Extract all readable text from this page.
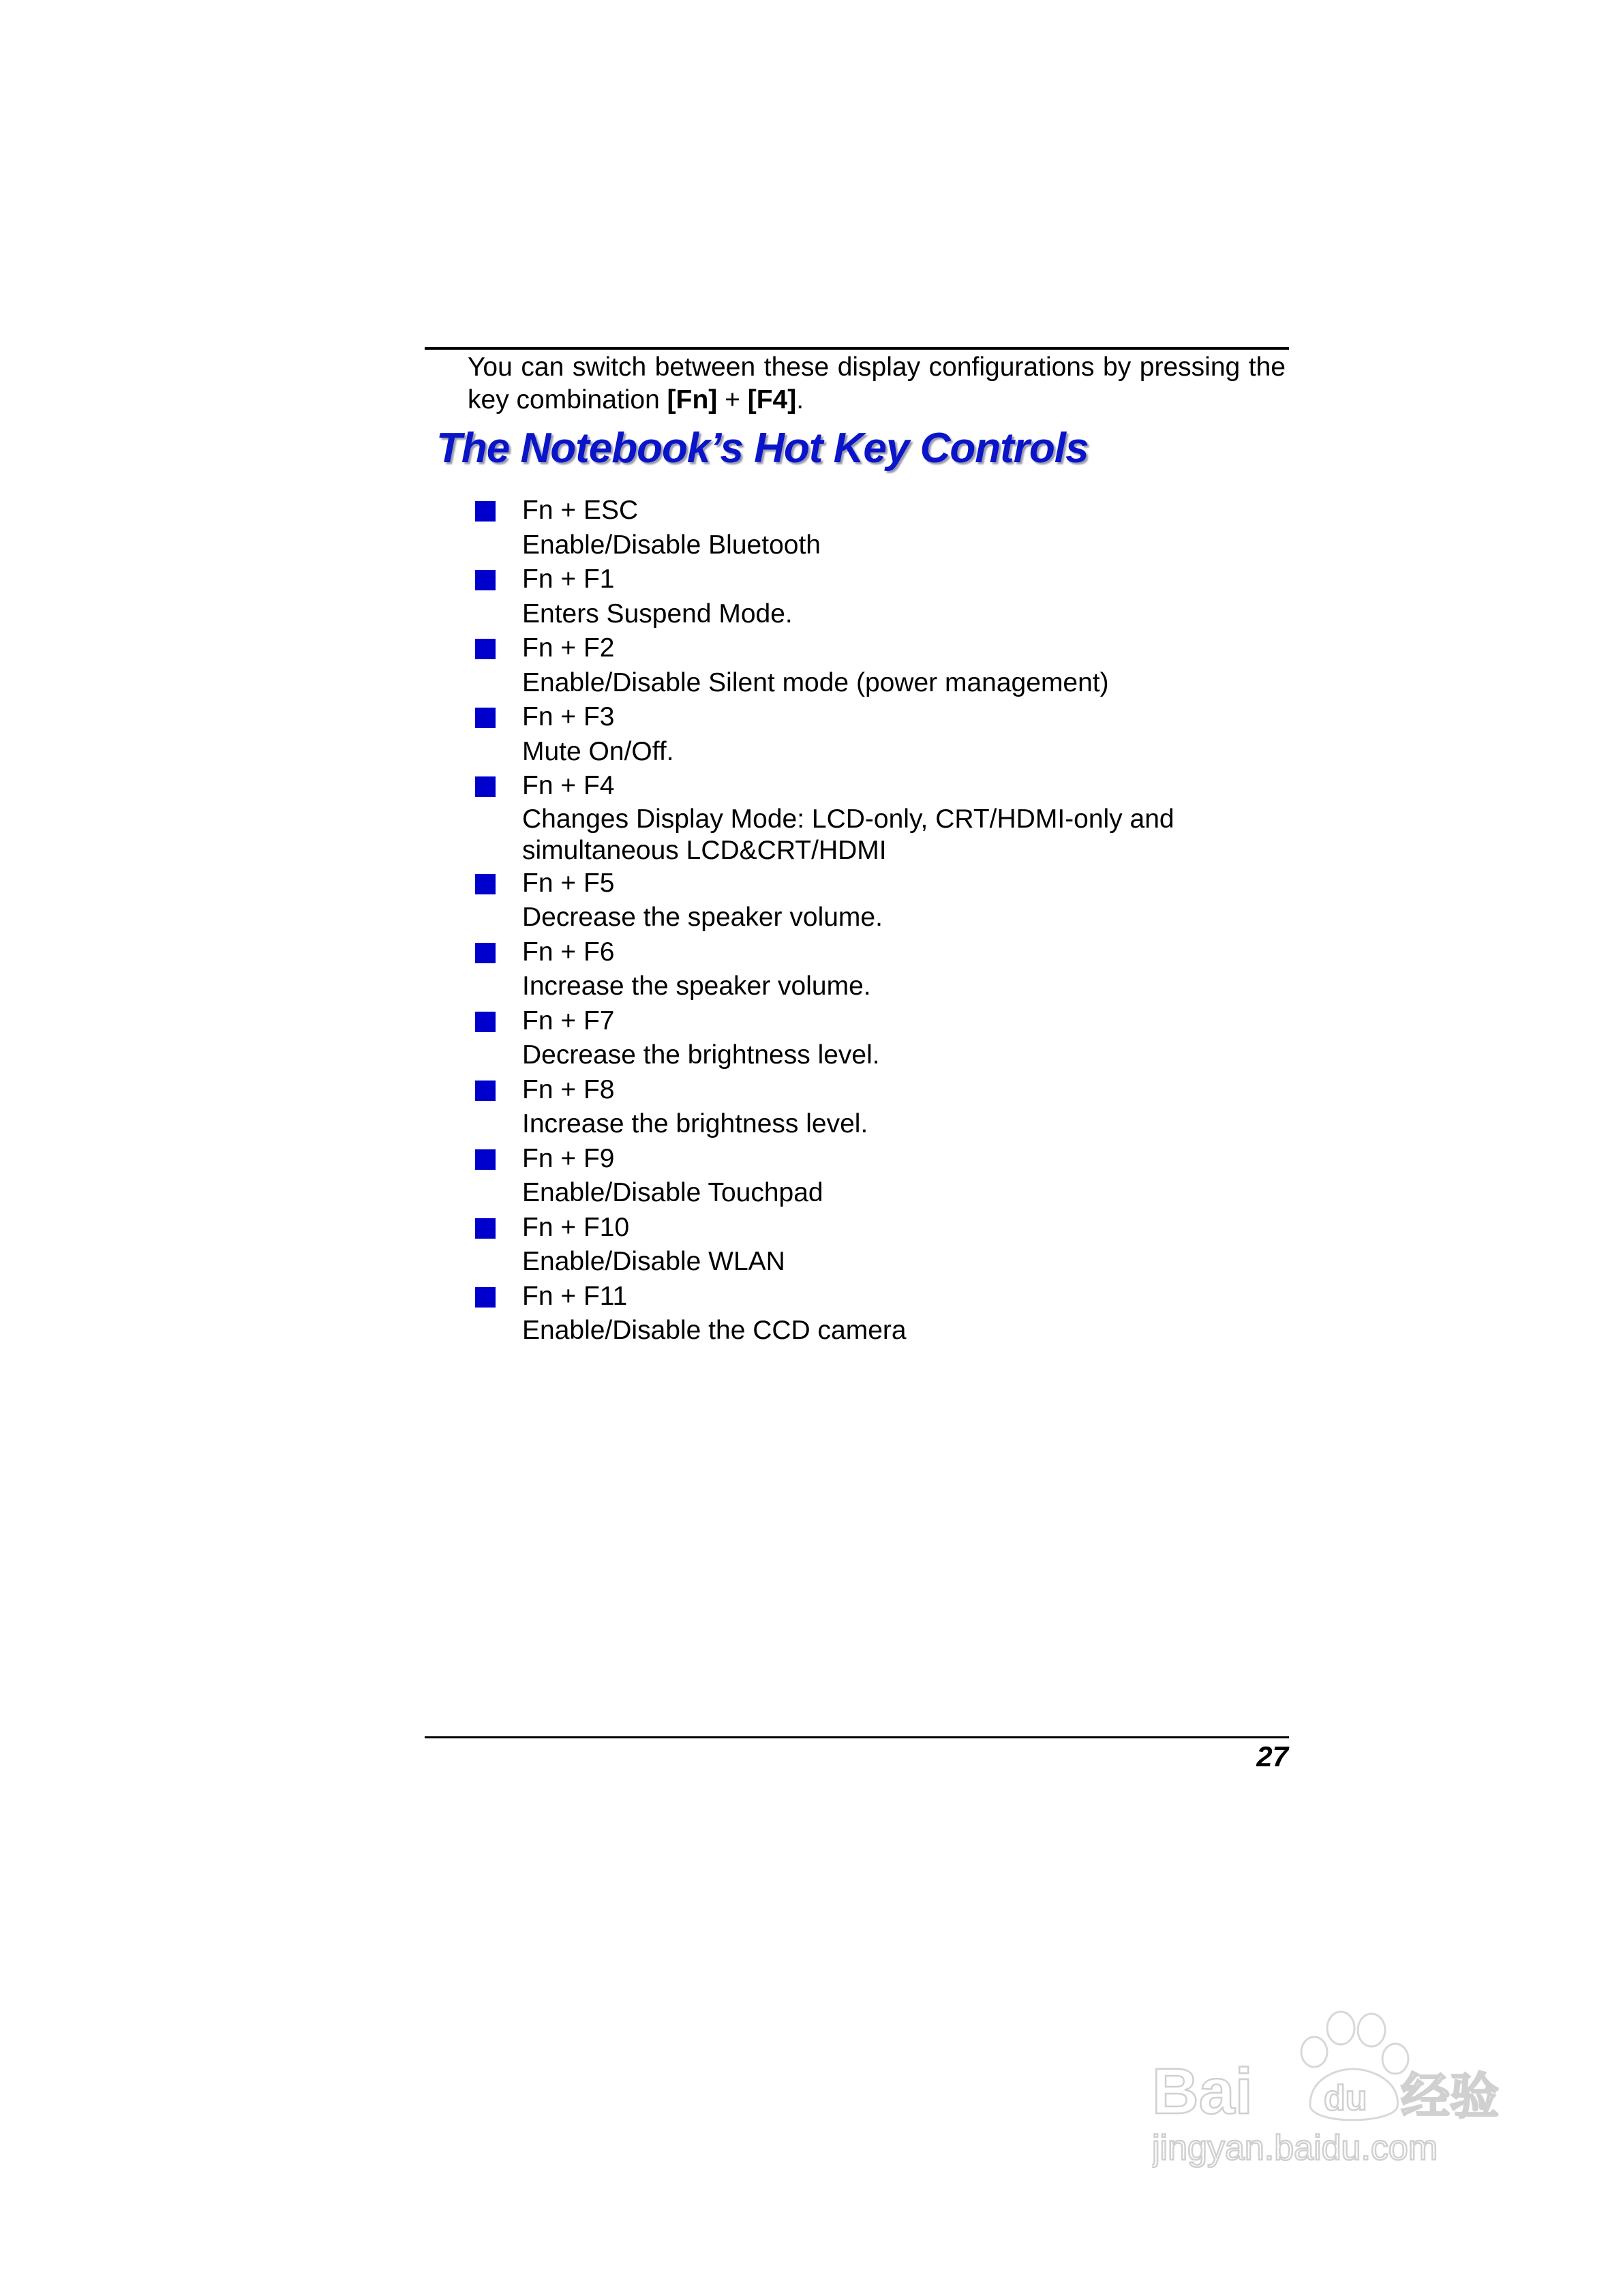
You can switch between these display configurations by pressing the key combination [Fn] + [F4].

The Notebook’s Hot Key Controls
Fn + ESC
Enable/Disable Bluetooth
Fn + F1
Enters Suspend Mode.
Fn + F2
Enable/Disable Silent mode (power management)
Fn + F3
Mute On/Off.
Fn + F4
Changes Display Mode: LCD-only, CRT/HDMI-only and simultaneous LCD&CRT/HDMI
Fn + F5
Decrease the speaker volume.
Fn + F6
Increase the speaker volume.
Fn + F7
Decrease the brightness level.
Fn + F8
Increase the brightness level.
Fn + F9
Enable/Disable Touchpad
Fn + F10
Enable/Disable WLAN
Fn + F11
Enable/Disable the CCD camera
27
Bai du 经验
jingyan.baidu.com
